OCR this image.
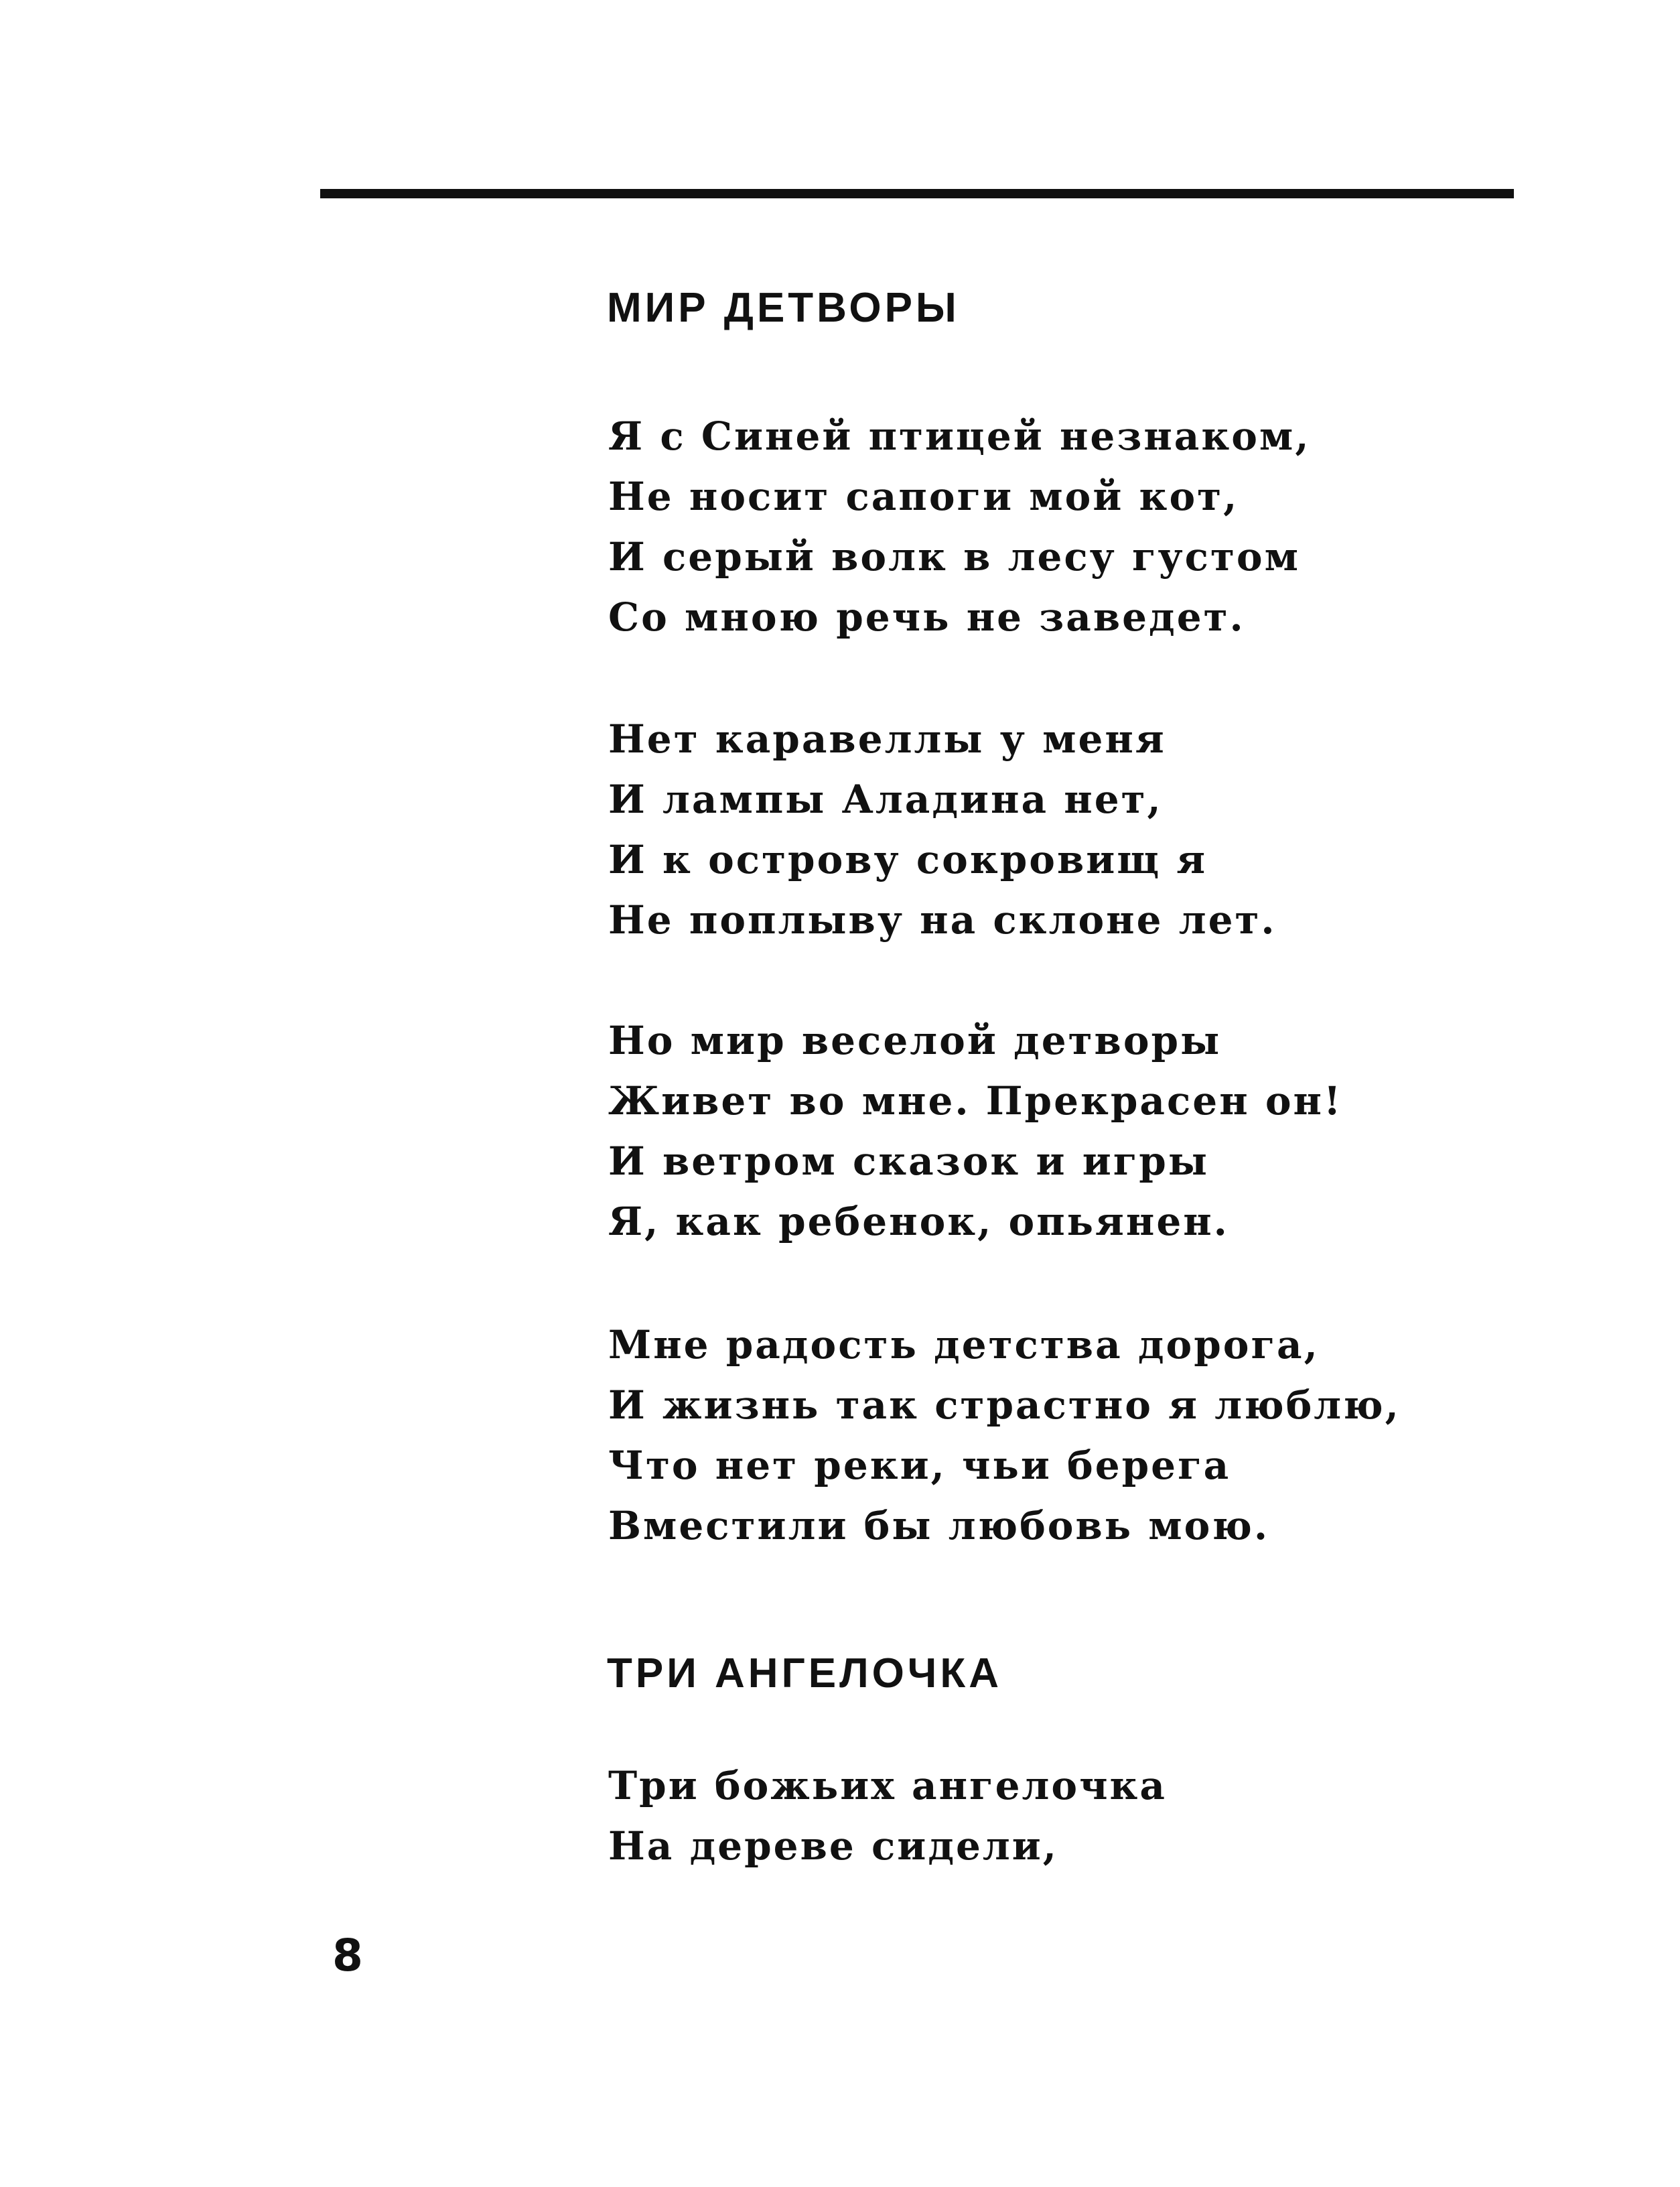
МИР ДЕТВОРЫ
Я с Синей птицей незнаком,
Не носит сапоги мой кот,
И серый волк в лесу густом
Со мною речь не заведет.
Нет каравеллы у меня
И лампы Аладина нет,
И к острову сокровищ я
Не поплыву на склоне лет.
Но мир веселой детворы
Живет во мне. Прекрасен он!
И ветром сказок и игры
Я, как ребенок, опьянен.
Мне радость детства дорога,
И жизнь так страстно я люблю,
Что нет реки, чьи берега
Вместили бы любовь мою.
ТРИ АНГЕЛОЧКА
Три божьих ангелочка
На дереве сидели,

8
